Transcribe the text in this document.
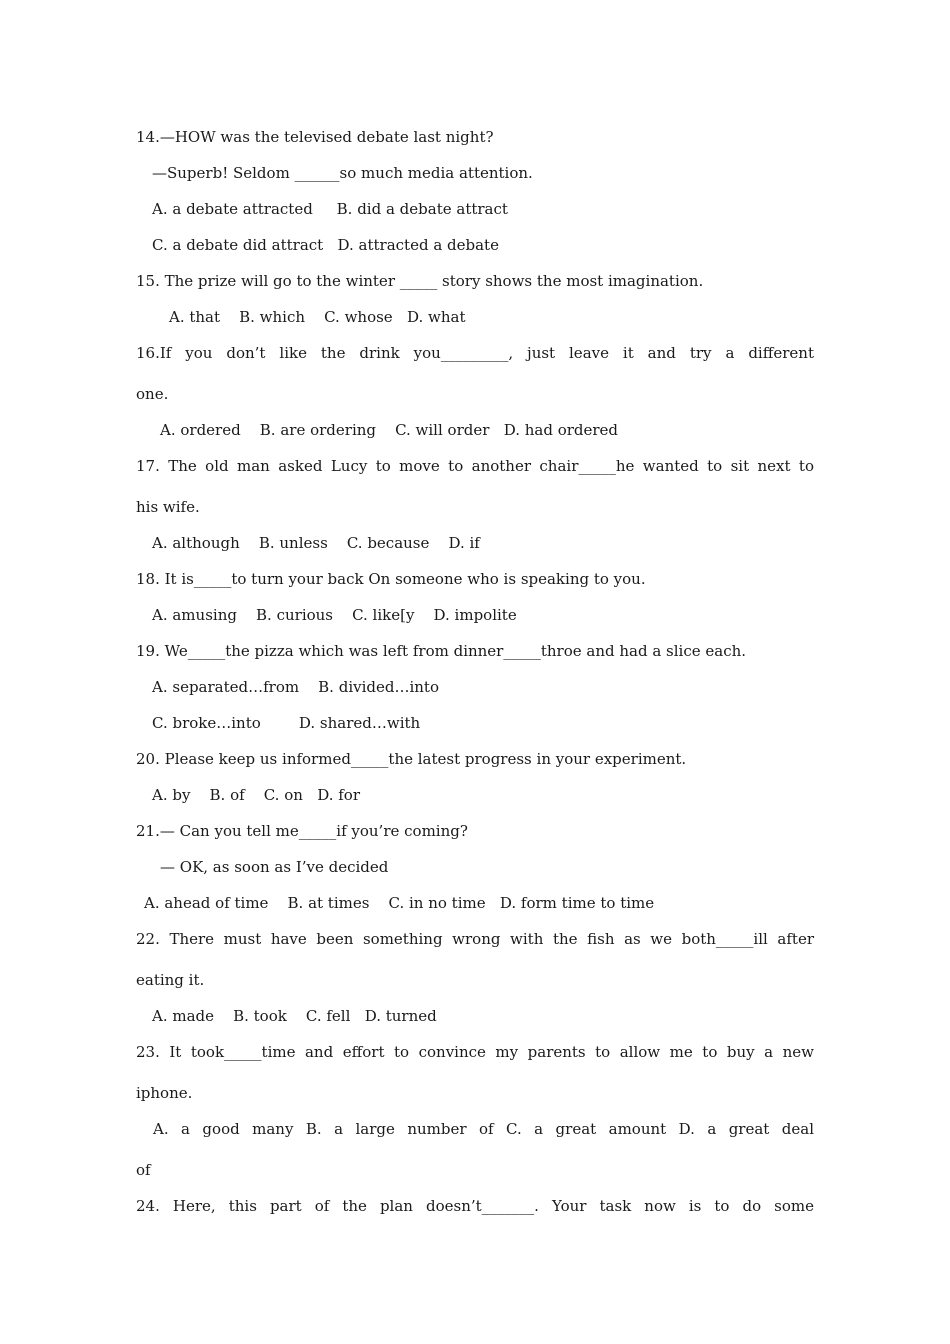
14.—HOW was the televised debate last night?
—Superb! Seldom ______so much media attention.
A. a debate attracted     B. did a debate attract
C. a debate did attract   D. attracted a debate
15. The prize will go to the winter _____ story shows the most imagination.
A. that    B. which    C. whose   D. what
16.If you don’t like the drink you_________, just leave it and try a different
one.
A. ordered    B. are ordering    C. will order   D. had ordered
17. The old man asked Lucy to move to another chair_____he wanted to sit next to
his wife.
A. although    B. unless    C. because    D. if
18. It is_____to turn your back On someone who is speaking to you.
A. amusing    B. curious    C. like[y    D. impolite
19. We_____the pizza which was left from dinner_____throe and had a slice each.
A. separated…from    B. divided…into
C. broke…into        D. shared…with
20. Please keep us informed_____the latest progress in your experiment.
A. by    B. of    C. on   D. for
21.— Can you tell me_____if you’re coming?
— OK, as soon as I’ve decided
A. ahead of time    B. at times    C. in no time   D. form time to time
22. There must have been something wrong with the fish as we both_____ill after
eating it.
A. made    B. took    C. fell   D. turned
23. It took_____time and effort to convince my parents to allow me to buy a new
iphone.
A. a good many B. a large number of C. a great amount D. a great deal
of
24. Here, this part of the plan doesn’t_______. Your task now is to do some
